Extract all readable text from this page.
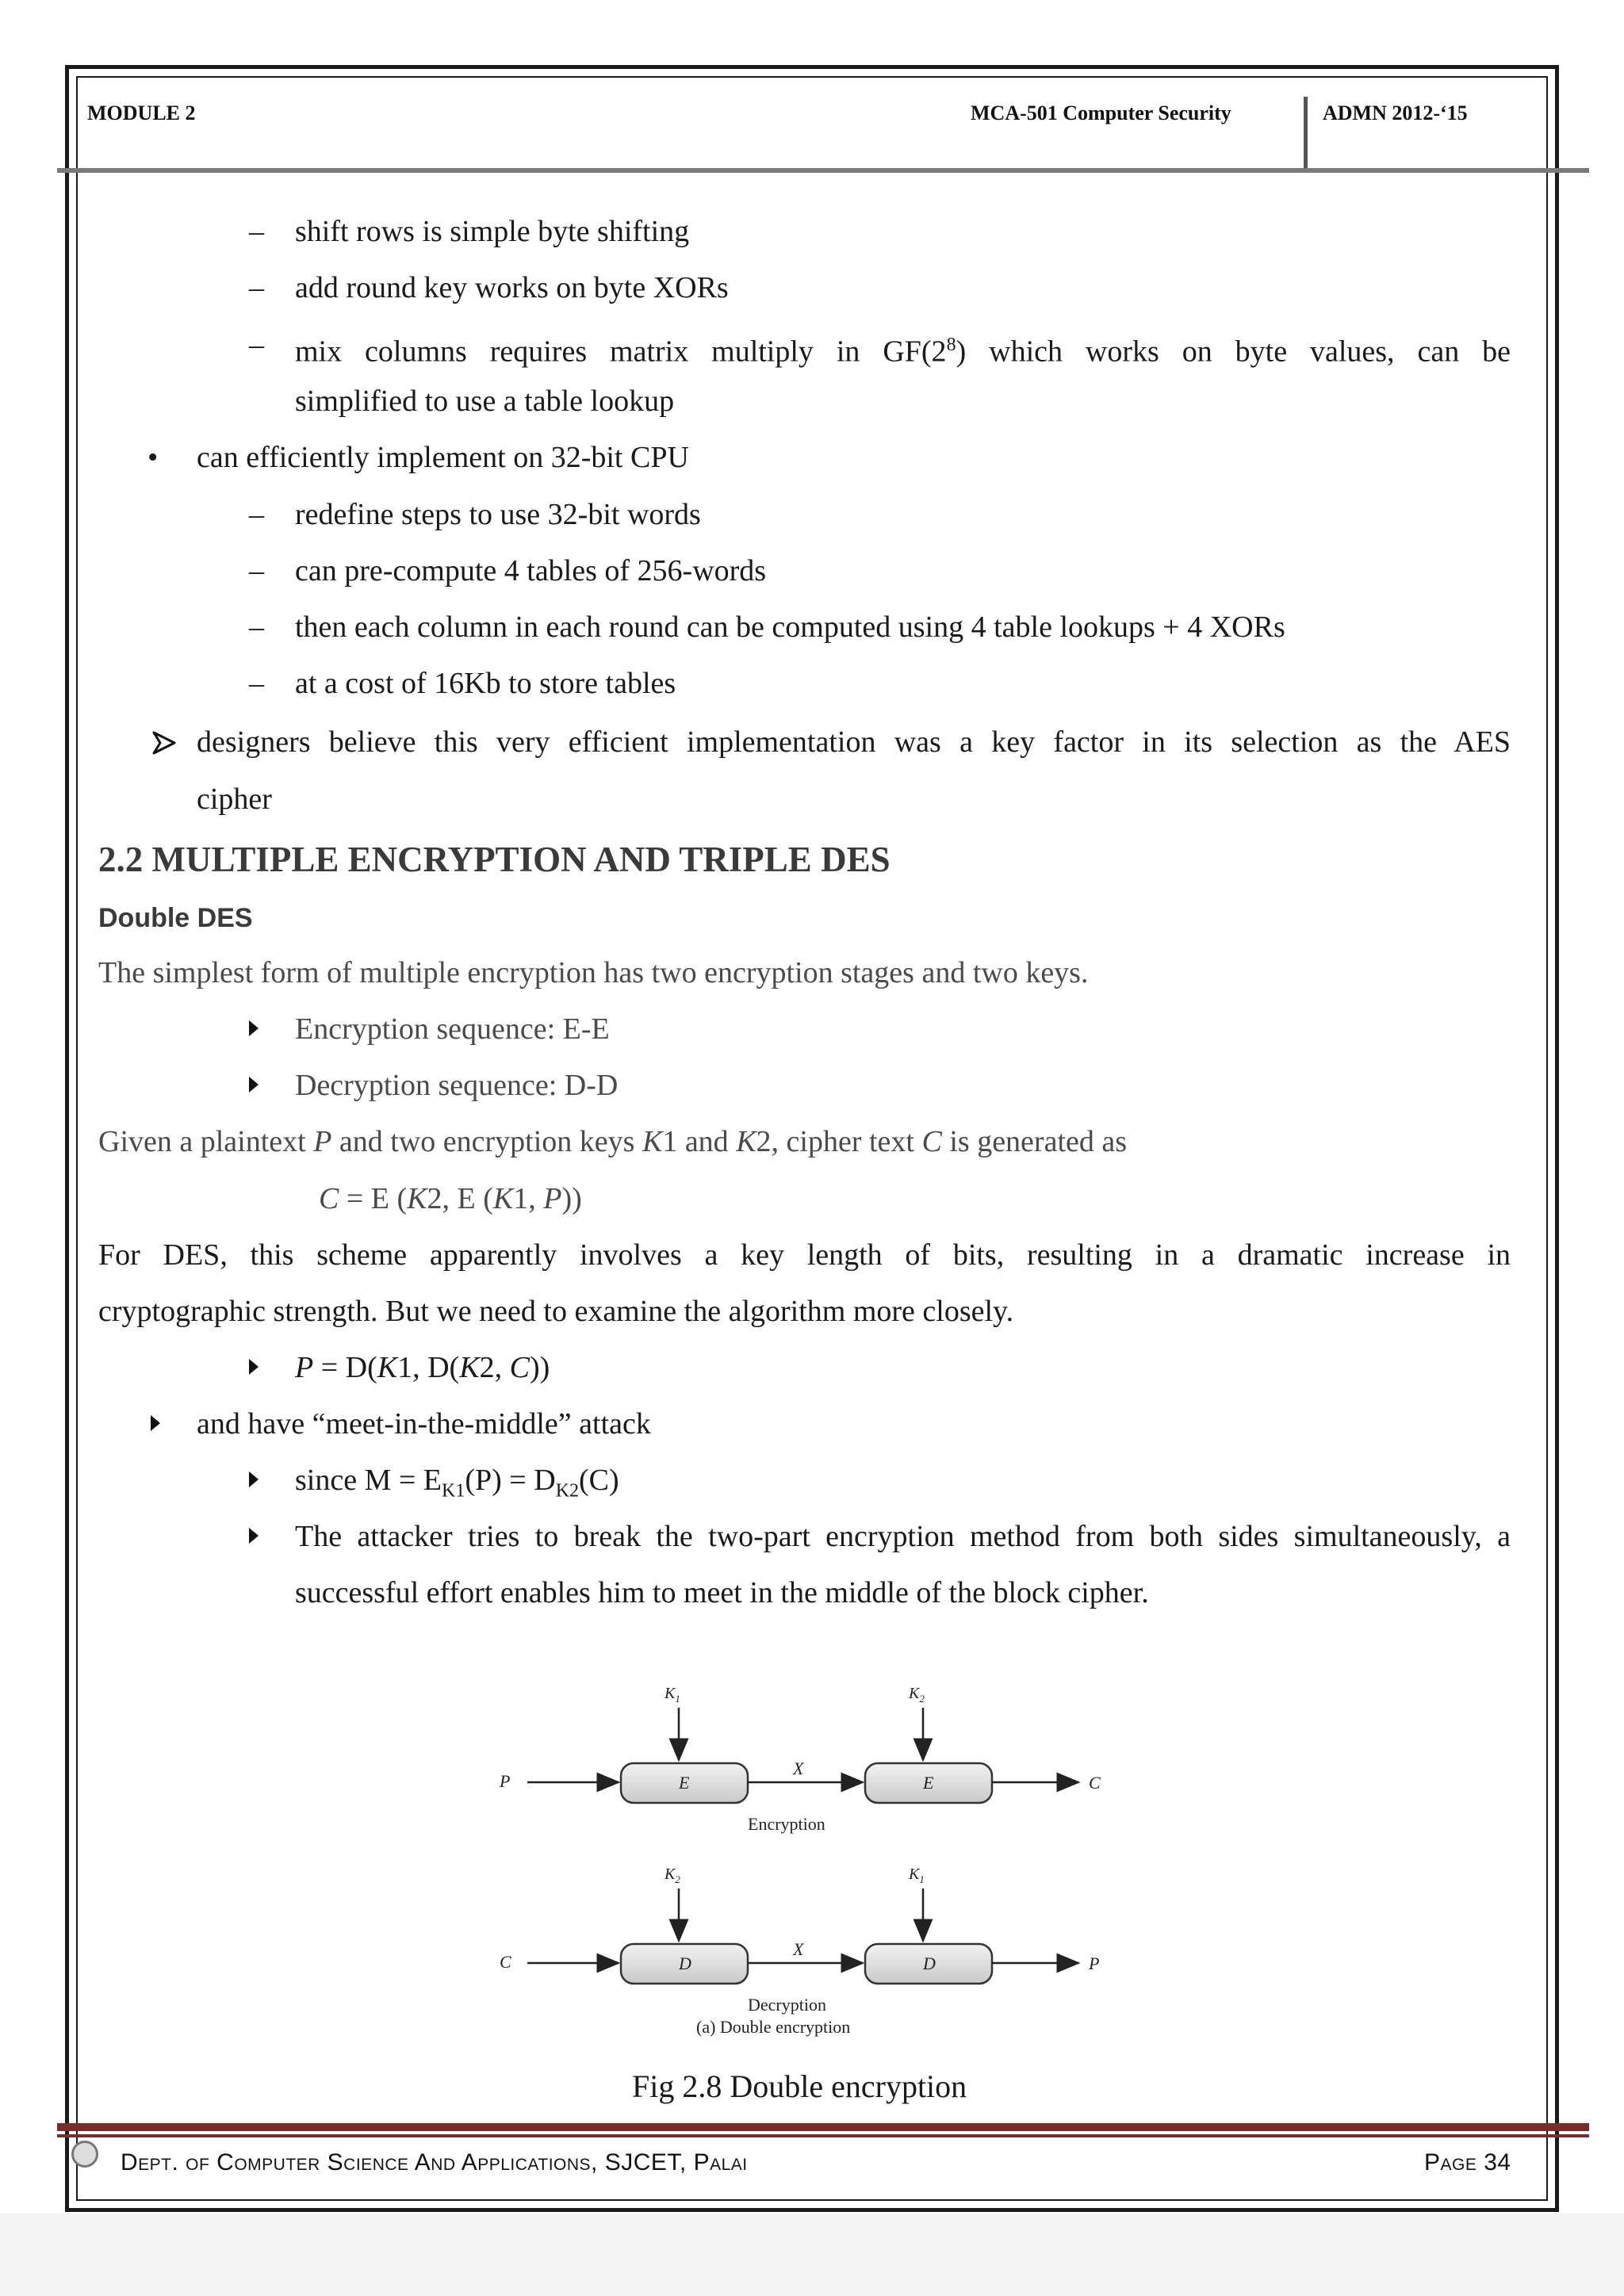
MODULE 2	MCA-501 Computer Security	ADMN 2012-‘15
– shift rows is simple byte shifting
– add round key works on byte XORs
– mix columns requires matrix multiply in $GF(2^8)$ which works on byte values, can be
simplified to use a table lookup
• can efficiently implement on 32-bit CPU
– redefine steps to use 32-bit words
– can pre-compute 4 tables of 256-words
– then each column in each round can be computed using 4 table lookups + 4 XORs
– at a cost of 16Kb to store tables
designers believe this very efficient implementation was a key factor in its selection as the AES
cipher
2.2 MULTIPLE ENCRYPTION AND TRIPLE DES
Double DES
The simplest form of multiple encryption has two encryption stages and two keys.
Encryption sequence: E-E
Decryption sequence: D-D
Given a plaintext P and two encryption keys K1 and K2, cipher text C is generated as
C = E (K2, E (K1, P))
For DES, this scheme apparently involves a key length of bits, resulting in a dramatic increase in
cryptographic strength. But we need to examine the algorithm more closely.
P = D(K1, D(K2, C))
and have “meet-in-the-middle” attack
since $M = E_{K1}(P) = D_{K2}(C)$
The attacker tries to break the two-part encryption method from both sides simultaneously, a
successful effort enables him to meet in the middle of the block cipher.
P	E
X
E	C
$K_1$	$K_2$
Encryption
C	D
X
D	P
$K_2$	$K_1$
Decryption
(a) Double encryption
Fig 2.8 Double encryption
Dept. of Computer Science And Applications, SJCET, Palai	Page 34
